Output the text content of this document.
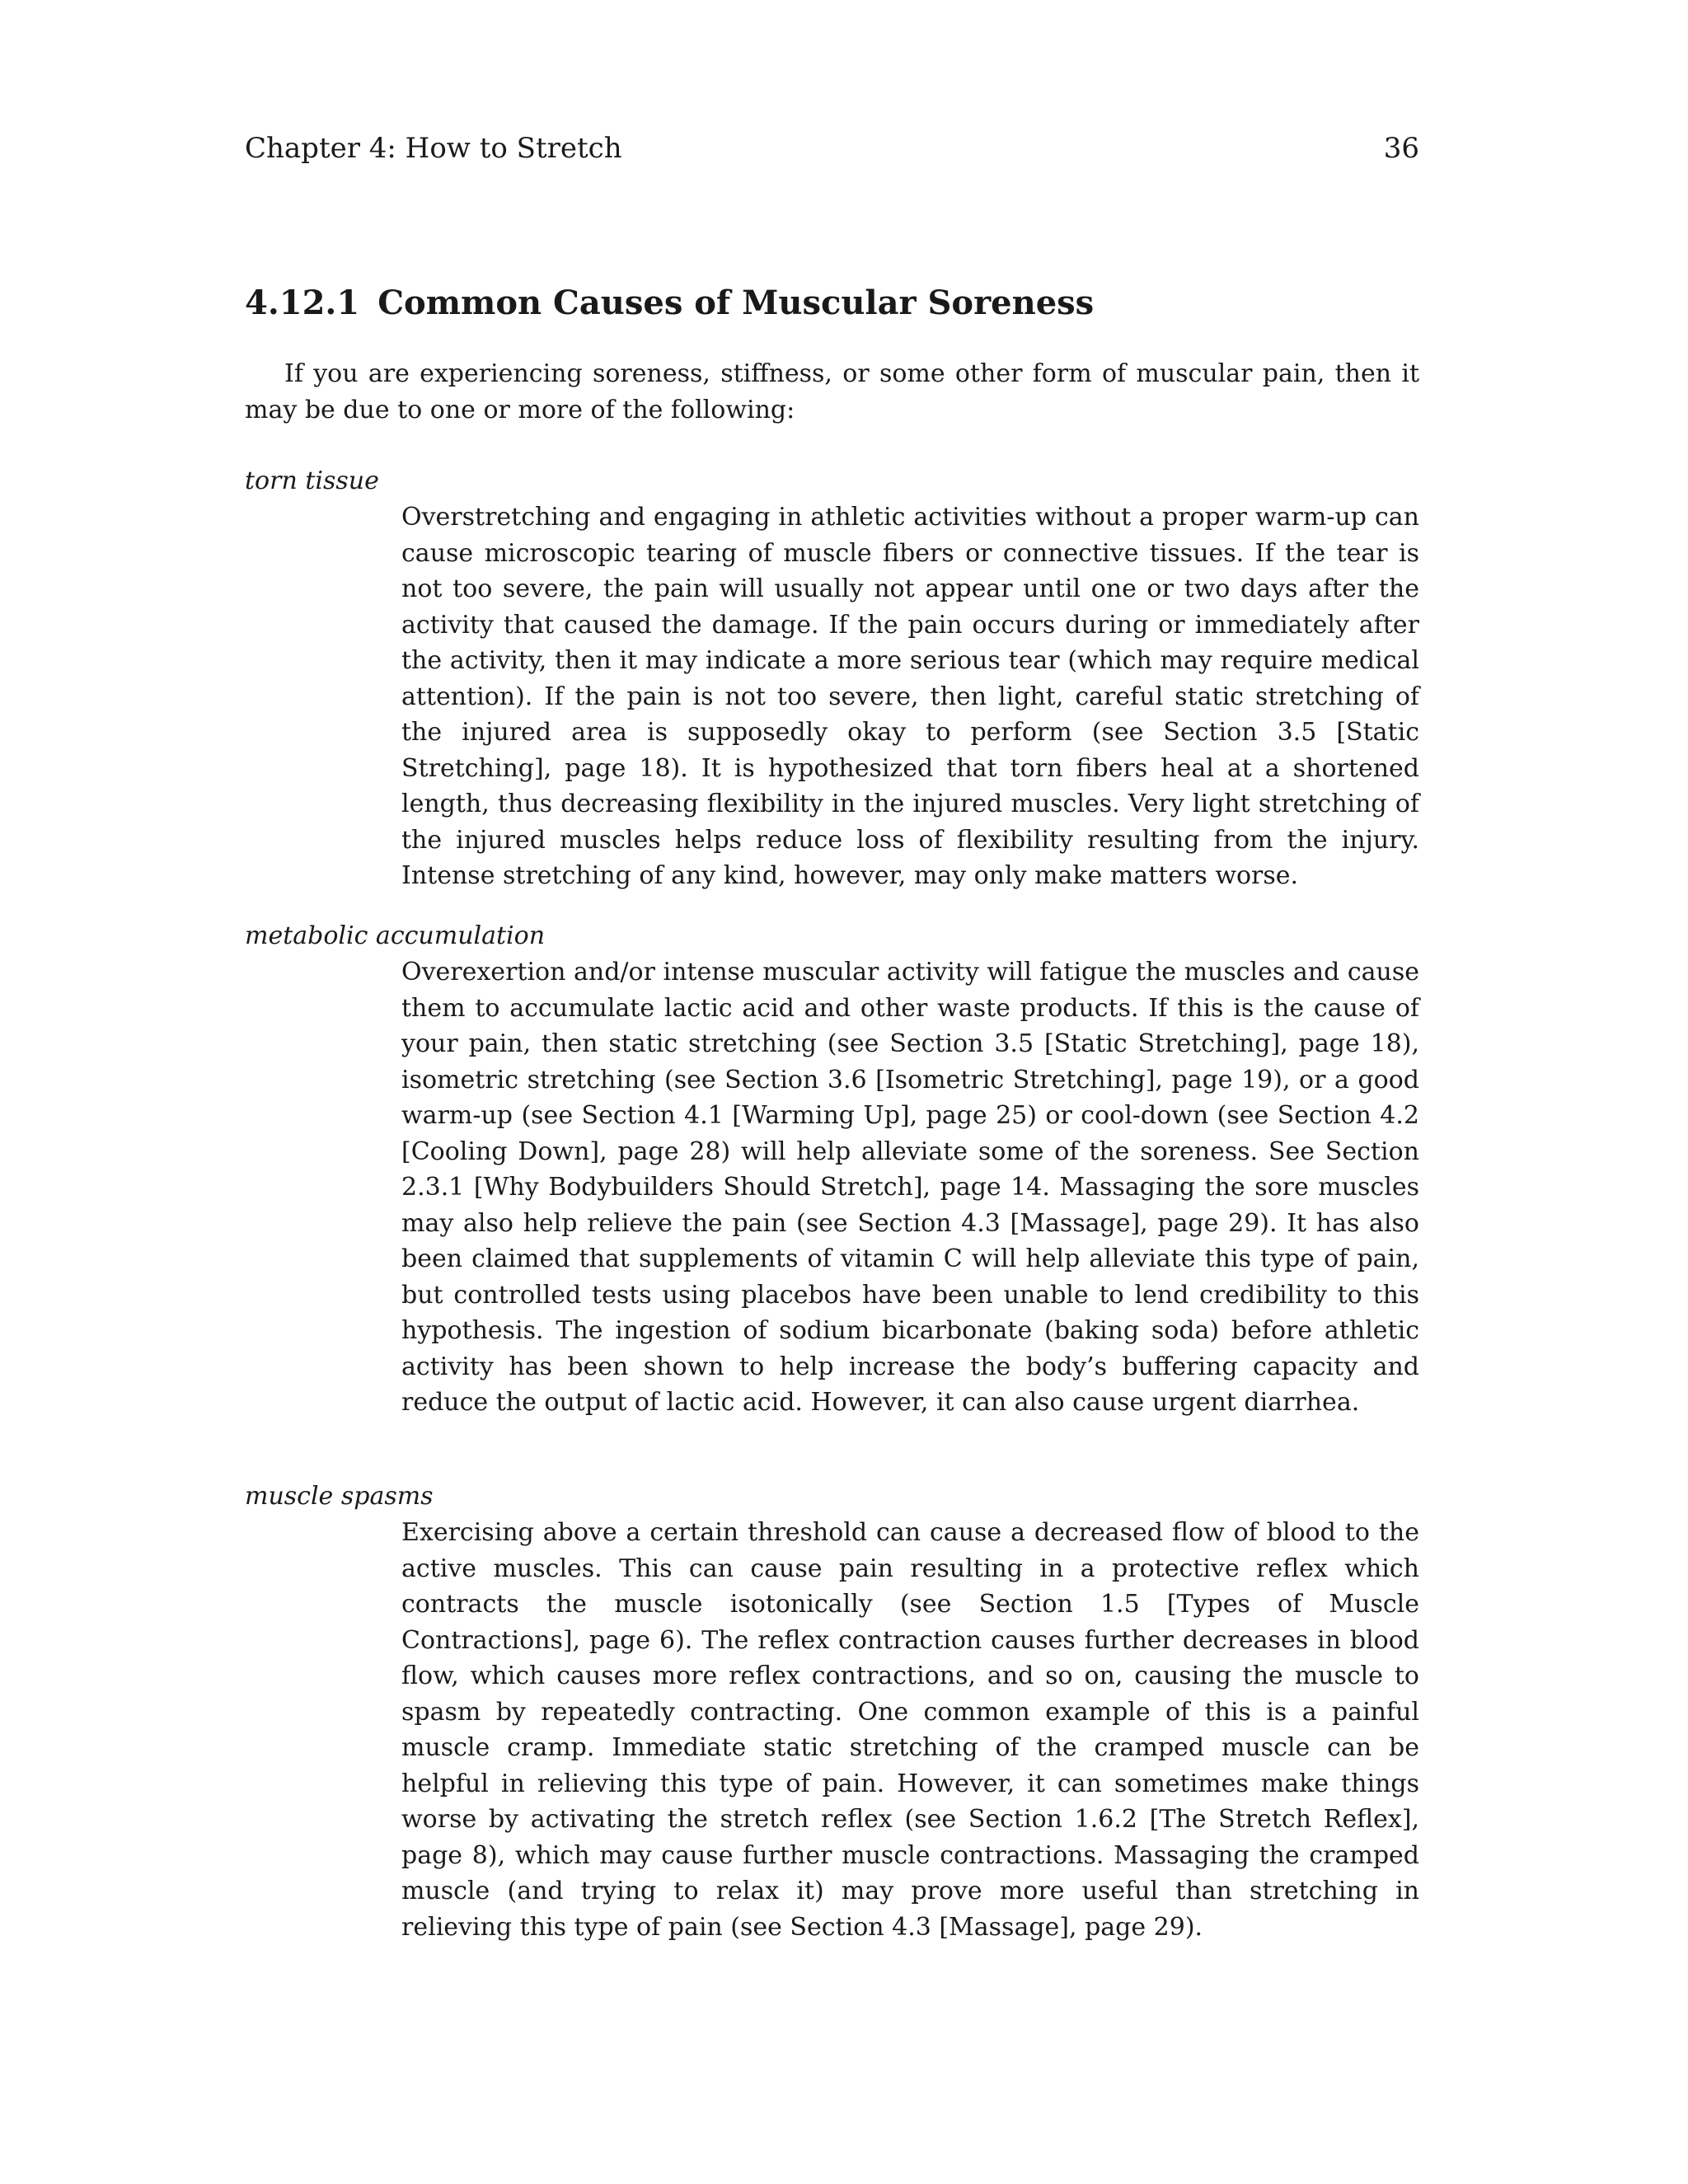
Chapter 4: How to Stretch	36
4.12.1 Common Causes of Muscular Soreness

If you are experiencing soreness, stiffness, or some other form of muscular pain, then it may be due to one or more of the following:

torn tissue

Overstretching and engaging in athletic activities without a proper warm-up can cause microscopic tearing of muscle fibers or connective tissues. If the tear is not too severe, the pain will usually not appear until one or two days after the activity that caused the damage. If the pain occurs during or immediately after the activity, then it may indicate a more serious tear (which may require medical attention). If the pain is not too severe, then light, careful static stretching of the injured area is supposedly okay to perform (see Section 3.5 [Static Stretching], page 18). It is hypothesized that torn fibers heal at a shortened length, thus decreasing flexibility in the injured muscles. Very light stretching of the injured muscles helps reduce loss of flexibility resulting from the injury. Intense stretching of any kind, however, may only make matters worse.

metabolic accumulation

Overexertion and/or intense muscular activity will fatigue the muscles and cause them to accumulate lactic acid and other waste products. If this is the cause of your pain, then static stretching (see Section 3.5 [Static Stretching], page 18), isometric stretching (see Section 3.6 [Isometric Stretching], page 19), or a good warm-up (see Section 4.1 [Warming Up], page 25) or cool-down (see Section 4.2 [Cooling Down], page 28) will help alleviate some of the soreness. See Section 2.3.1 [Why Bodybuilders Should Stretch], page 14. Massaging the sore muscles may also help relieve the pain (see Section 4.3 [Massage], page 29). It has also been claimed that supplements of vitamin C will help alleviate this type of pain, but controlled tests using placebos have been unable to lend credibility to this hypothesis. The ingestion of sodium bicarbonate (baking soda) before athletic activity has been shown to help increase the body’s buffering capacity and reduce the output of lactic acid. However, it can also cause urgent diarrhea.

muscle spasms

Exercising above a certain threshold can cause a decreased flow of blood to the active muscles. This can cause pain resulting in a protective reflex which contracts the muscle isotonically (see Section 1.5 [Types of Muscle Contractions], page 6). The reflex contraction causes further decreases in blood flow, which causes more reflex contractions, and so on, causing the muscle to spasm by repeatedly contracting. One common example of this is a painful muscle cramp. Immediate static stretching of the cramped muscle can be helpful in relieving this type of pain. However, it can sometimes make things worse by activating the stretch reflex (see Section 1.6.2 [The Stretch Reflex], page 8), which may cause further muscle contractions. Massaging the cramped muscle (and trying to relax it) may prove more useful than stretching in relieving this type of pain (see Section 4.3 [Massage], page 29).
